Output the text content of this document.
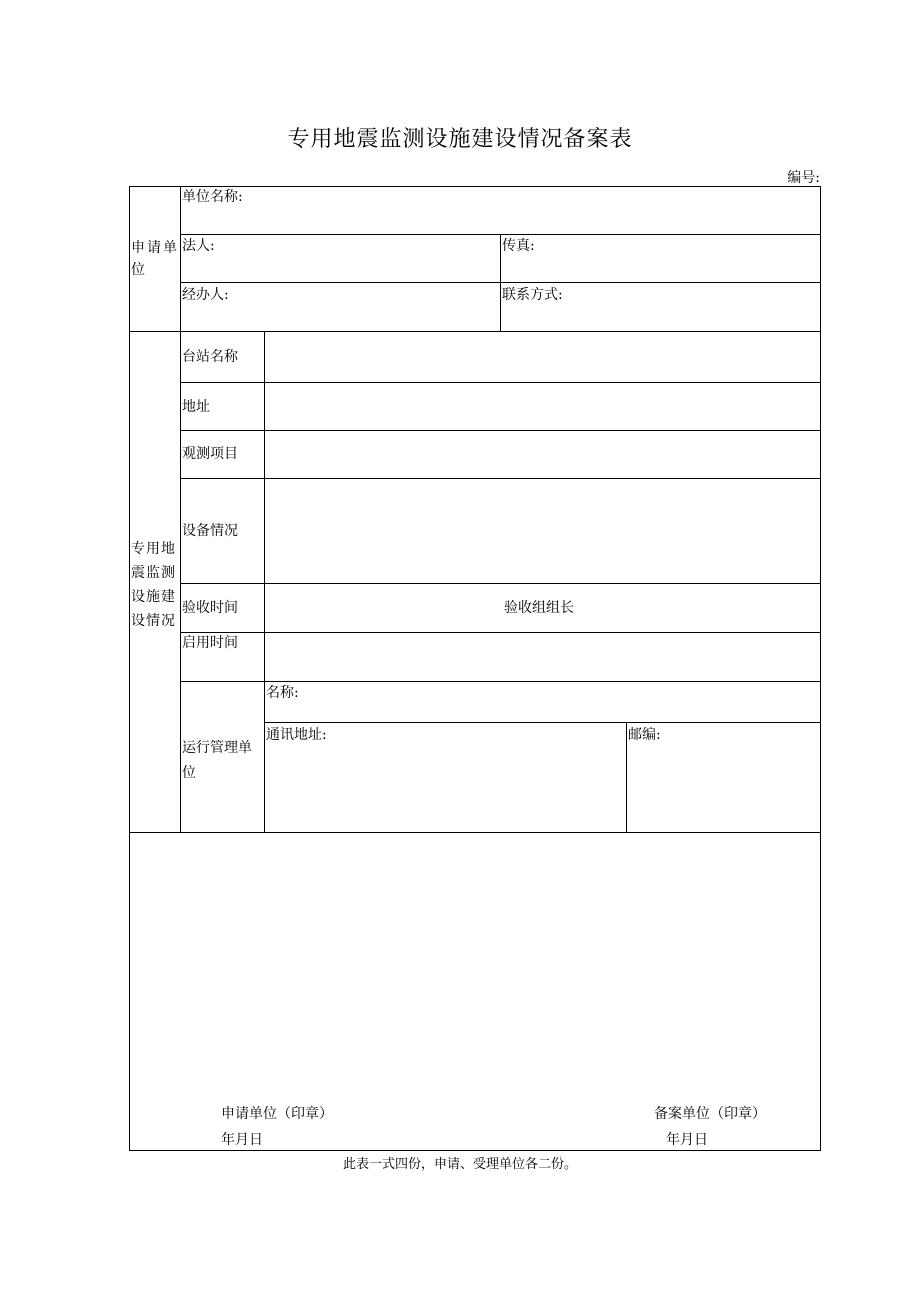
专用地震监测设施建设情况备案表
编号:
申请单位
单位名称:
法人:	传真:
经办人:	联系方式:
专用地震监测设施建设情况
台站名称
地址
观测项目
设备情况
验收时间	验收组组长
启用时间
运行管理单位
名称:
通讯地址:	邮编:
申请单位（印章）
年月日
备案单位（印章）
年月日
此表一式四份，申请、受理单位各二份。
